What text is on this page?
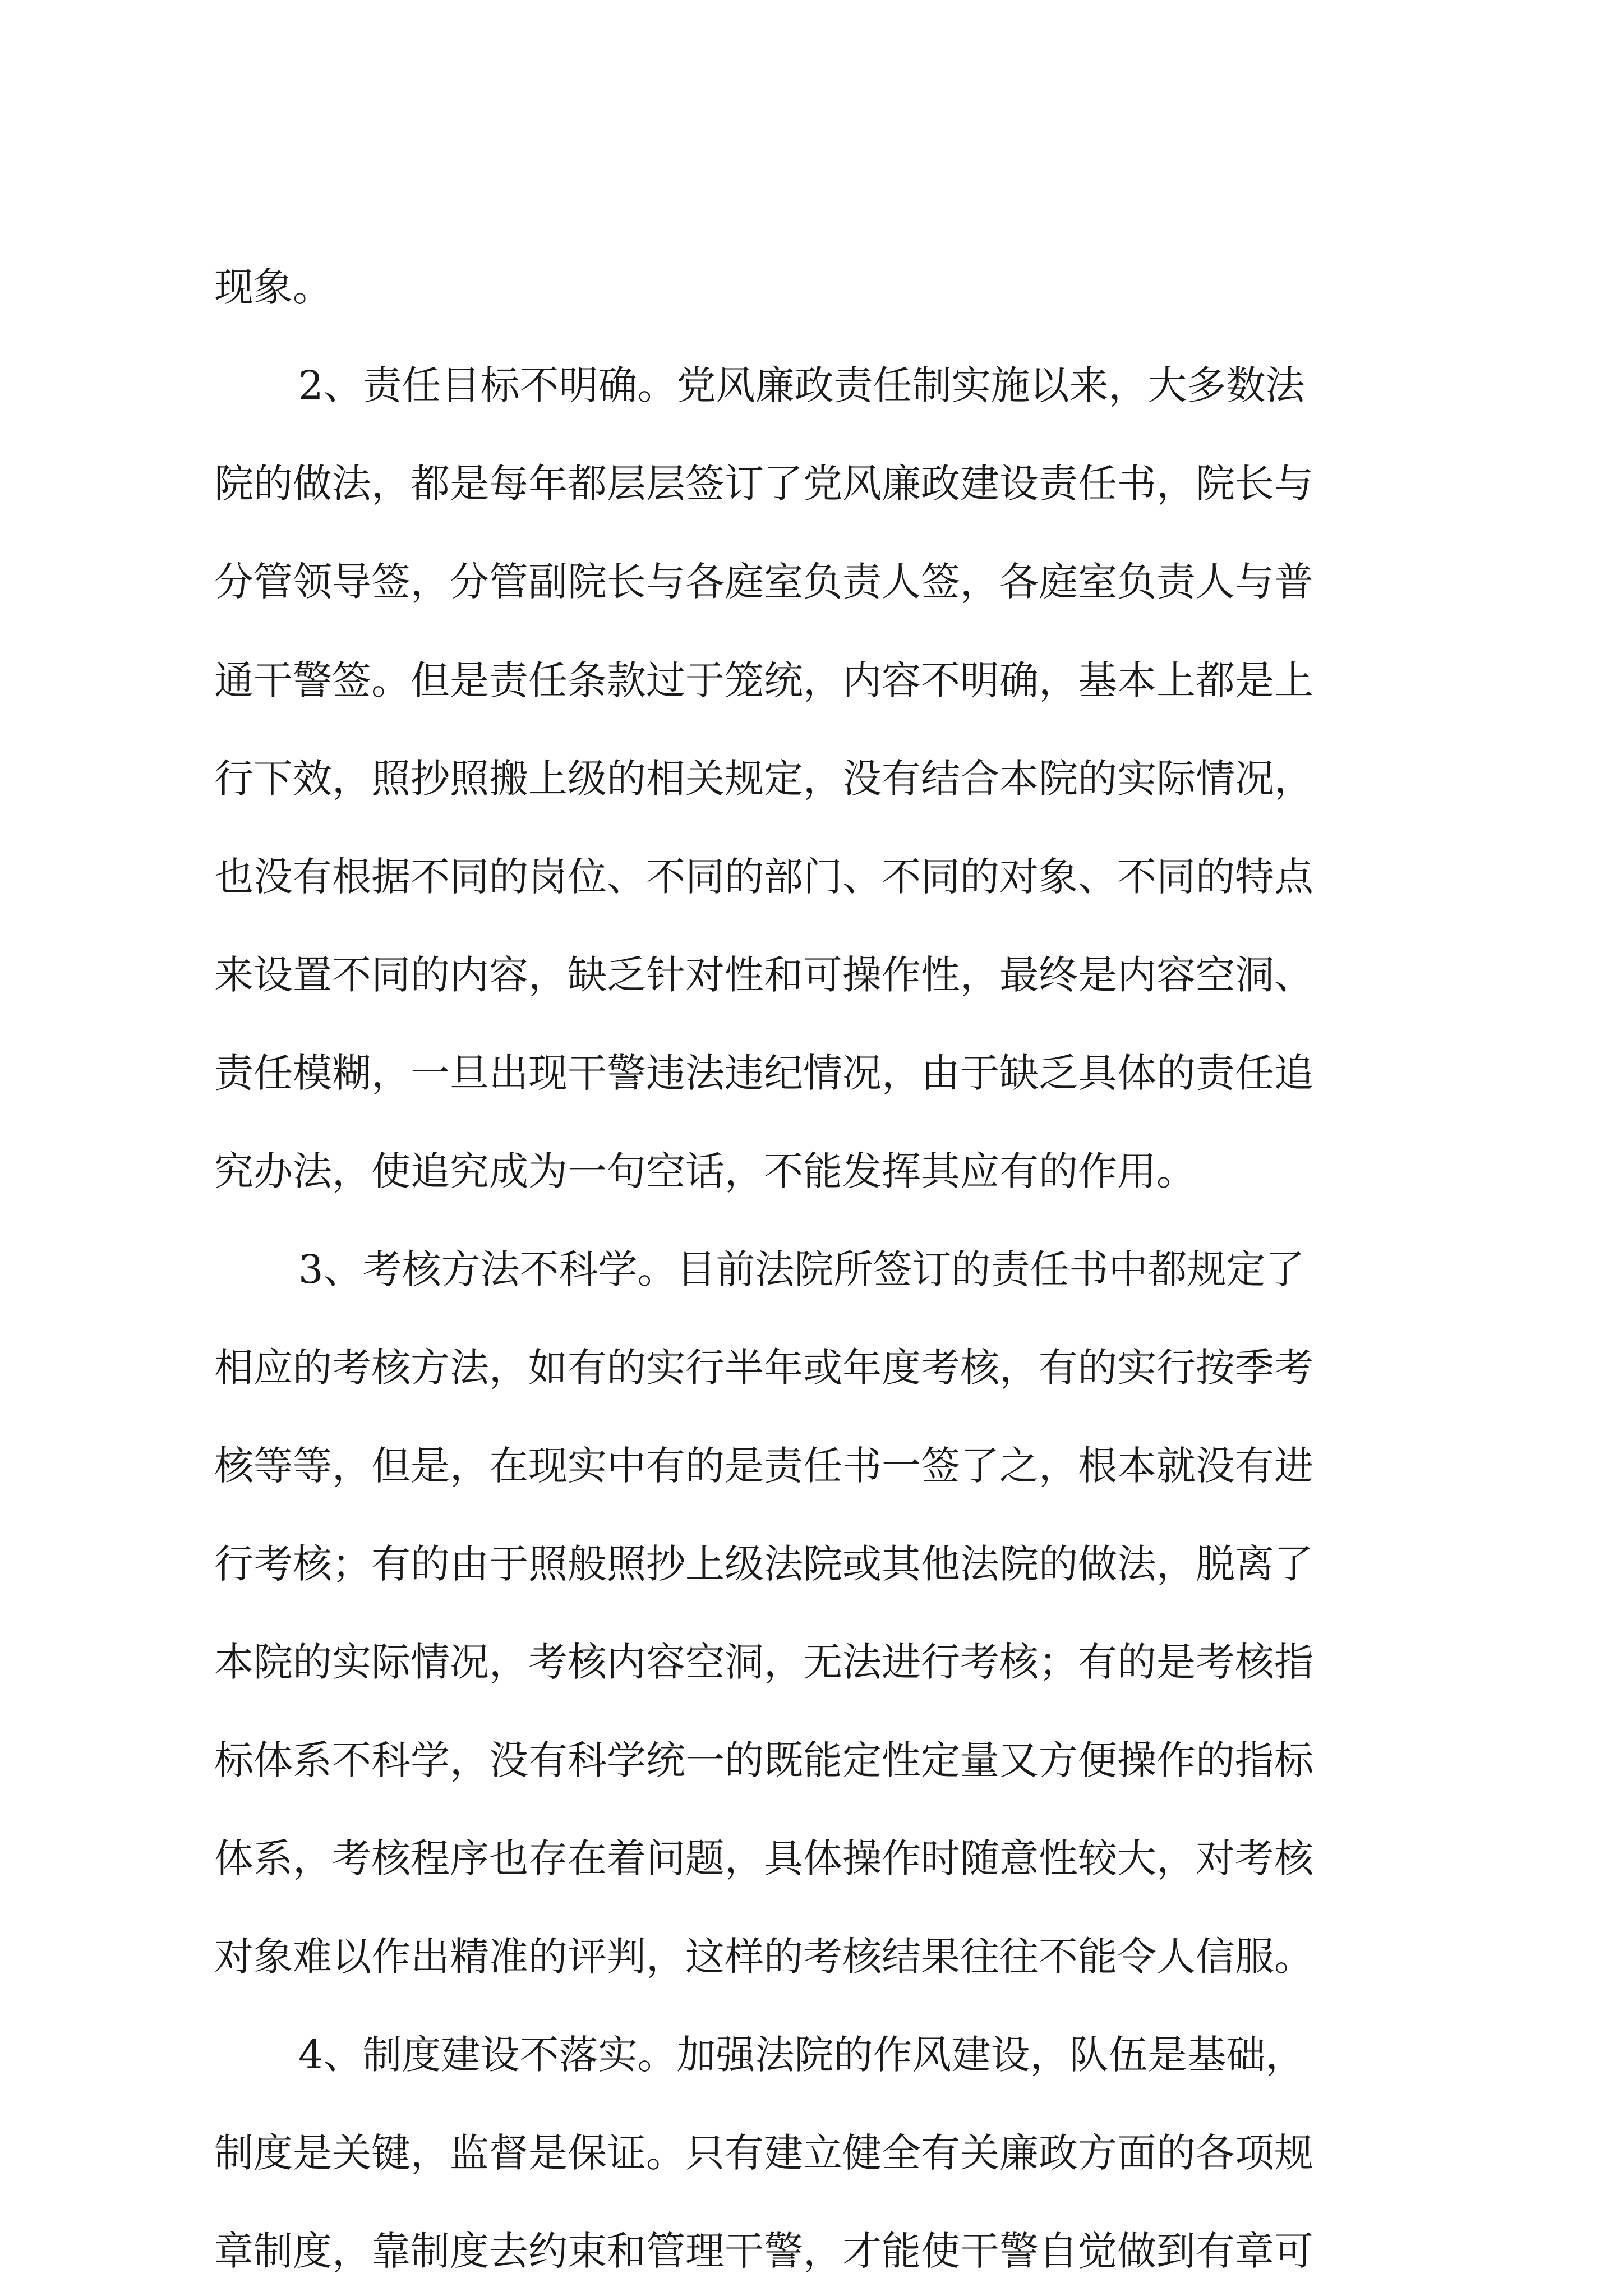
现象。
2、责任目标不明确。党风廉政责任制实施以来，大多数法
院的做法，都是每年都层层签订了党风廉政建设责任书，院长与
分管领导签，分管副院长与各庭室负责人签，各庭室负责人与普
通干警签。但是责任条款过于笼统，内容不明确，基本上都是上
行下效，照抄照搬上级的相关规定，没有结合本院的实际情况，
也没有根据不同的岗位、不同的部门、不同的对象、不同的特点
来设置不同的内容，缺乏针对性和可操作性，最终是内容空洞、
责任模糊，一旦出现干警违法违纪情况，由于缺乏具体的责任追
究办法，使追究成为一句空话，不能发挥其应有的作用。
3、考核方法不科学。目前法院所签订的责任书中都规定了
相应的考核方法，如有的实行半年或年度考核，有的实行按季考
核等等，但是，在现实中有的是责任书一签了之，根本就没有进
行考核；有的由于照般照抄上级法院或其他法院的做法，脱离了
本院的实际情况，考核内容空洞，无法进行考核；有的是考核指
标体系不科学，没有科学统一的既能定性定量又方便操作的指标
体系，考核程序也存在着问题，具体操作时随意性较大，对考核
对象难以作出精准的评判，这样的考核结果往往不能令人信服。
4、制度建设不落实。加强法院的作风建设，队伍是基础，
制度是关键，监督是保证。只有建立健全有关廉政方面的各项规
章制度，靠制度去约束和管理干警，才能使干警自觉做到有章可
